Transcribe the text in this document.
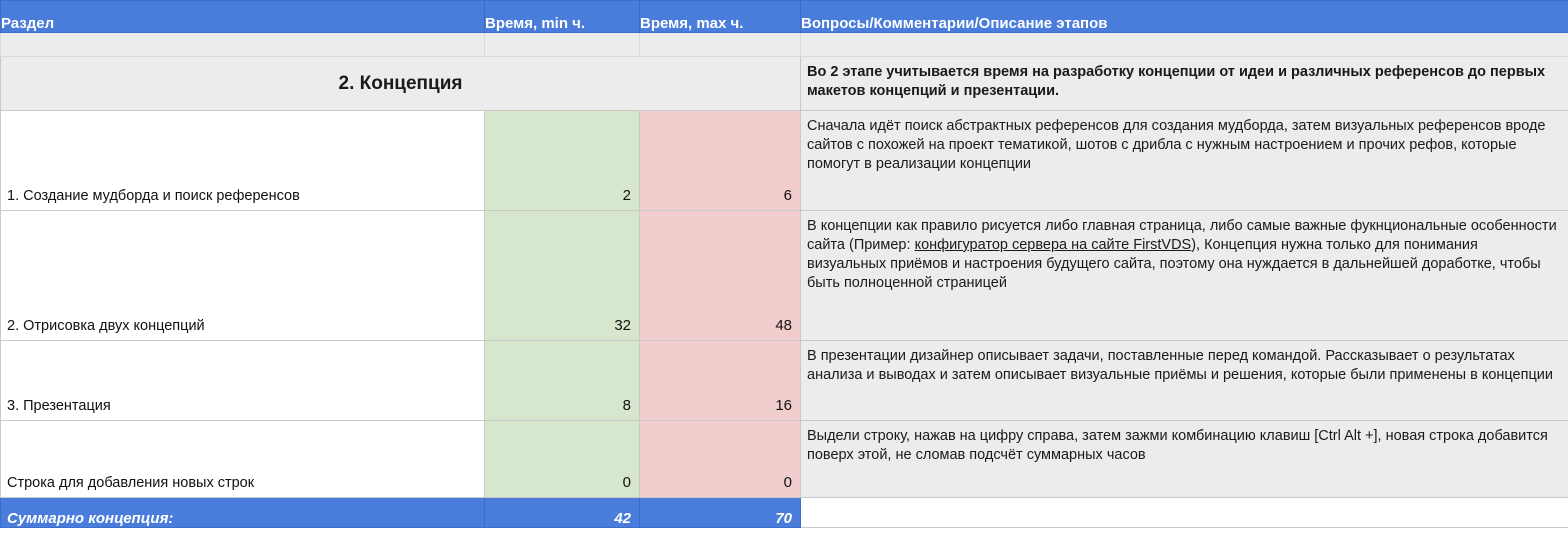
Раздел	Время, min ч.	Время, max ч.	Вопросы/Комментарии/Описание этапов

2. Концепция			Во 2 этапе учитывается время на разработку концепции от идеи и различных референсов до первых макетов концепций и презентации.
1. Создание мудборда и поиск референсов	2	6	Сначала идёт поиск абстрактных референсов для создания мудборда, затем визуальных референсов вроде сайтов с похожей на проект тематикой, шотов с дрибла с нужным настроением и прочих рефов, которые помогут в реализации концепции
2. Отрисовка двух концепций	32	48	В концепции как правило рисуется либо главная страница, либо самые важные фукнциональные особенности сайта (Пример: конфигуратор сервера на сайте FirstVDS), Концепция нужна только для понимания визуальных приёмов и настроения будущего сайта, поэтому она нуждается в дальнейшей доработке, чтобы быть полноценной страницей
3. Презентация	8	16	В презентации дизайнер описывает задачи, поставленные перед командой. Рассказывает о результатах анализа и выводах и затем описывает визуальные приёмы и решения, которые были применены в концепции
Строка для добавления новых строк	0	0	Выдели строку, нажав на цифру справа, затем зажми комбинацию клавиш [Ctrl Alt +], новая строка добавится поверх этой, не сломав подсчёт суммарных часов
Суммарно концепция:	42	70	
